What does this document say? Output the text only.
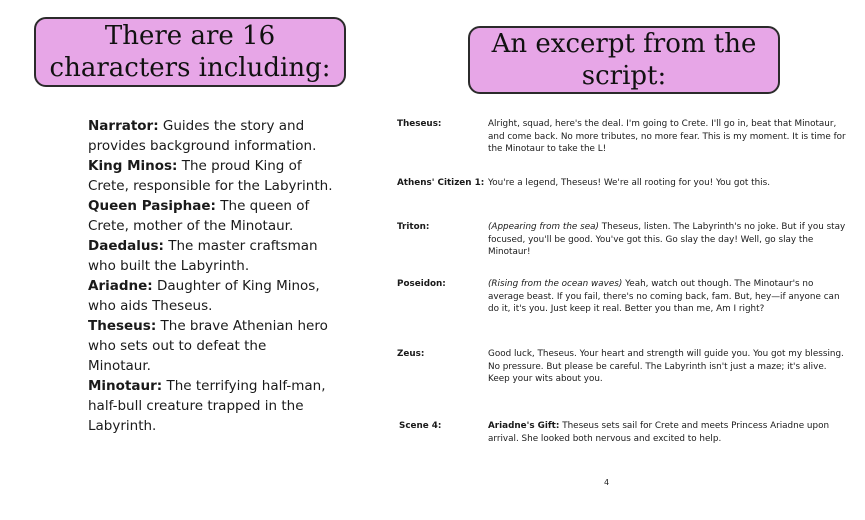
There are 16
characters including:
An excerpt from the
script:

Narrator: Guides the story and provides background information.

King Minos: The proud King of Crete, responsible for the Labyrinth.

Queen Pasiphae: The queen of Crete, mother of the Minotaur.

Daedalus: The master craftsman who built the Labyrinth.

Ariadne: Daughter of King Minos, who aids Theseus.

Theseus: The brave Athenian hero who sets out to defeat the Minotaur.

Minotaur: The terrifying half-man, half-bull creature trapped in the Labyrinth.

Theseus:	Alright, squad, here's the deal. I'm going to Crete. I'll go in, beat that Minotaur, and come back. No more tributes, no more fear. This is my moment. It is time for the Minotaur to take the L!
Athens' Citizen 1: You're a legend, Theseus! We're all rooting for you! You got this.
Triton:	(Appearing from the sea) Theseus, listen. The Labyrinth's no joke. But if you stay focused, you'll be good. You've got this. Go slay the day! Well, go slay the Minotaur!
Poseidon:	(Rising from the ocean waves) Yeah, watch out though. The Minotaur's no average beast. If you fail, there's no coming back, fam. But, hey—if anyone can do it, it's you. Just keep it real. Better you than me, Am I right?
Zeus:	Good luck, Theseus. Your heart and strength will guide you. You got my blessing. No pressure. But please be careful. The Labyrinth isn't just a maze; it's alive. Keep your wits about you.
Scene 4:	Ariadne's Gift: Theseus sets sail for Crete and meets Princess Ariadne upon arrival. She looked both nervous and excited to help.
4
